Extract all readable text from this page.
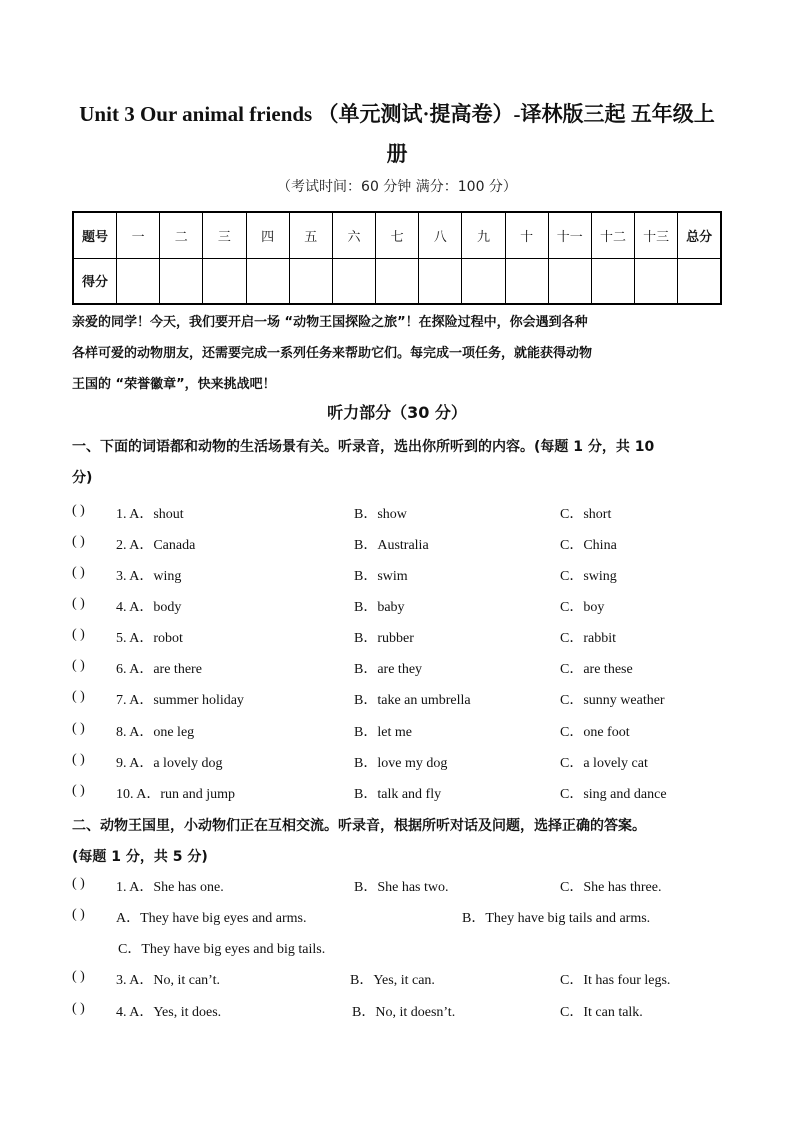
Unit 3 Our animal friends （单元测试·提高卷）-译林版三起 五年级上
册
（考试时间：60 分钟 满分：100 分）
题号	一	二	三	四	五	六	七	八	九	十	十一	十二	十三	总分
得分														
亲爱的同学！今天，我们要开启一场 “动物王国探险之旅”！在探险过程中，你会遇到各种
各样可爱的动物朋友，还需要完成一系列任务来帮助它们。每完成一项任务，就能获得动物
王国的 “荣誉徽章”，快来挑战吧！
听力部分（30 分）
一、下面的词语都和动物的生活场景有关。听录音，选出你所听到的内容。(每题 1 分，共 10
分)
( ) 1. A．shout	B．show	C．short
( ) 2. A．Canada	B．Australia	C．China
( ) 3. A．wing	B．swim	C．swing
( ) 4. A．body	B．baby	C．boy
( ) 5. A．robot	B．rubber	C．rabbit
( ) 6. A．are there	B．are they	C．are these
( ) 7. A．summer holiday	B．take an umbrella	C．sunny weather
( ) 8. A．one leg	B．let me	C．one foot
( ) 9. A．a lovely dog	B．love my dog	C．a lovely cat
( ) 10. A．run and jump	B．talk and fly	C．sing and dance
二、动物王国里，小动物们正在互相交流。听录音，根据所听对话及问题，选择正确的答案。
(每题 1 分，共 5 分)
( ) 1. A．She has one.	B．She has two.	C．She has three.
( ) A．They have big eyes and arms.	B．They have big tails and arms.
C．They have big eyes and big tails.
( ) 3. A．No, it can’t.	B．Yes, it can.	C．It has four legs.
( ) 4. A．Yes, it does.	B．No, it doesn’t.	C．It can talk.
